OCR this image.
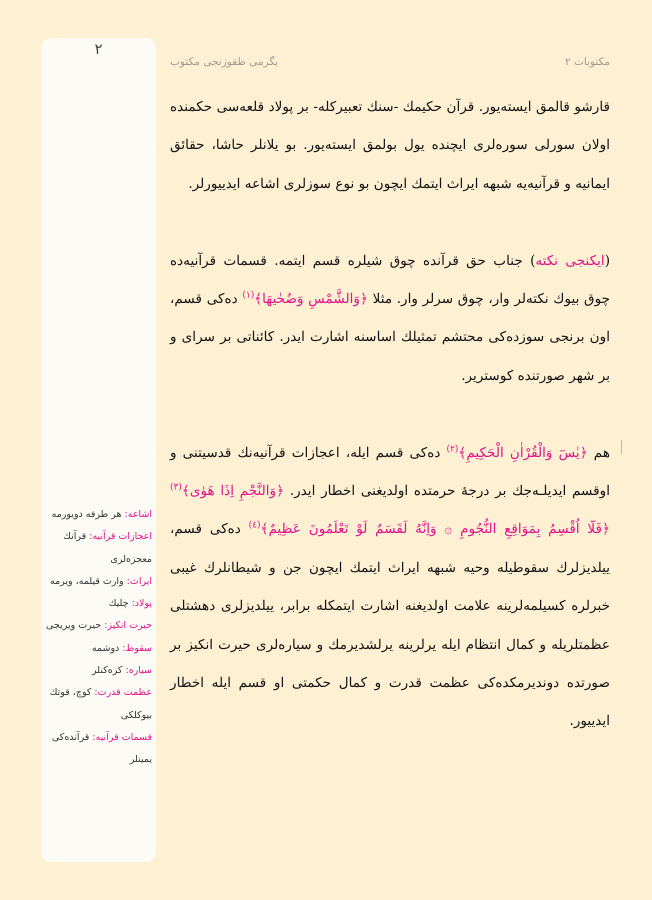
٢
اشاعه: هر طرفه دویورمه
اعجازات قرآنیه: قرآنك معجزه‌لری
ایراث: وارث قیلمه، ویرمه
پولاد: چلیك
حیرت انکیز: حیرت ویریجی
سقوط: دوشمه
سیاره: کزه‌کنلر
عظمت قدرت: کوچ، قوتك بیوکلکی
قسمات قرآنیه: قرآنده‌کی یمینلر
یگرمی طقوزنجی مکتوب	مکتوبات ٢

قارشو قالمق ایسته‌یور. قرآن حکیمك -سنك تعبیرکله- بر پولاد قلعه‌سی حکمنده اولان سورلی سوره‌لری ایچنده یول بولمق ایسته‌یور. بو یلانلر حاشا، حقائق ایمانیه و قرآنیه‌یه شبهه ایراث ایتمك ایچون بو نوع سوزلری اشاعه ایدییورلر.

(ایکنجی نکته) جناب حق قرآنده چوق شیلره قسم ایتمه. قسمات قرآنیه‌ده چوق بیوك نکته‌لر وار، چوق سرلر وار. مثلا ﴿وَالشَّمْسِ وَضُحٰيهَا﴾$^{(١)}$ ده‌کی قسم، اون برنجی سوزده‌کی محتشم تمثیلك اساسنه اشارت ایدر. کائناتی بر سرای و بر شهر صورتنده کوستریر.

هم ﴿يٰسٓ وَالْقُرْاٰنِ الْحَكِيمِ﴾$^{(٢)}$ ده‌کی قسم ایله، اعجازات قرآنیه‌نك قدسیتنی و اوقسم ایدیلـه‌جك بر درجهٔ حرمتده اولدیغنی اخطار ایدر. ﴿وَالنَّجْمِ اِذَا هَوٰى﴾$^{(٣)}$ ﴿فَلَٓا اُقْسِمُ بِمَوَاقِعِ النُّجُومِ ۞ وَاِنَّهُ لَقَسَمٌ لَوْ تَعْلَمُونَ عَظِيمٌ﴾$^{(٤)}$ ده‌کی قسم، ییلدیزلرك سقوطیله وحیه شبهه ایراث ایتمك ایچون جن و شیطانلرك غیبی خبرلره کسیلمه‌لرینه علامت اولدیغنه اشارت ایتمکله برابر، ییلدیزلری دهشتلی عظمتلریله و کمال انتظام ایله یرلرینه یرلشدیرمك و سیاره‌لری حیرت انکیز بر صورتده دوندیرمکده‌کی عظمت قدرت و کمال حکمتی او قسم ایله اخطار ایدییور.
